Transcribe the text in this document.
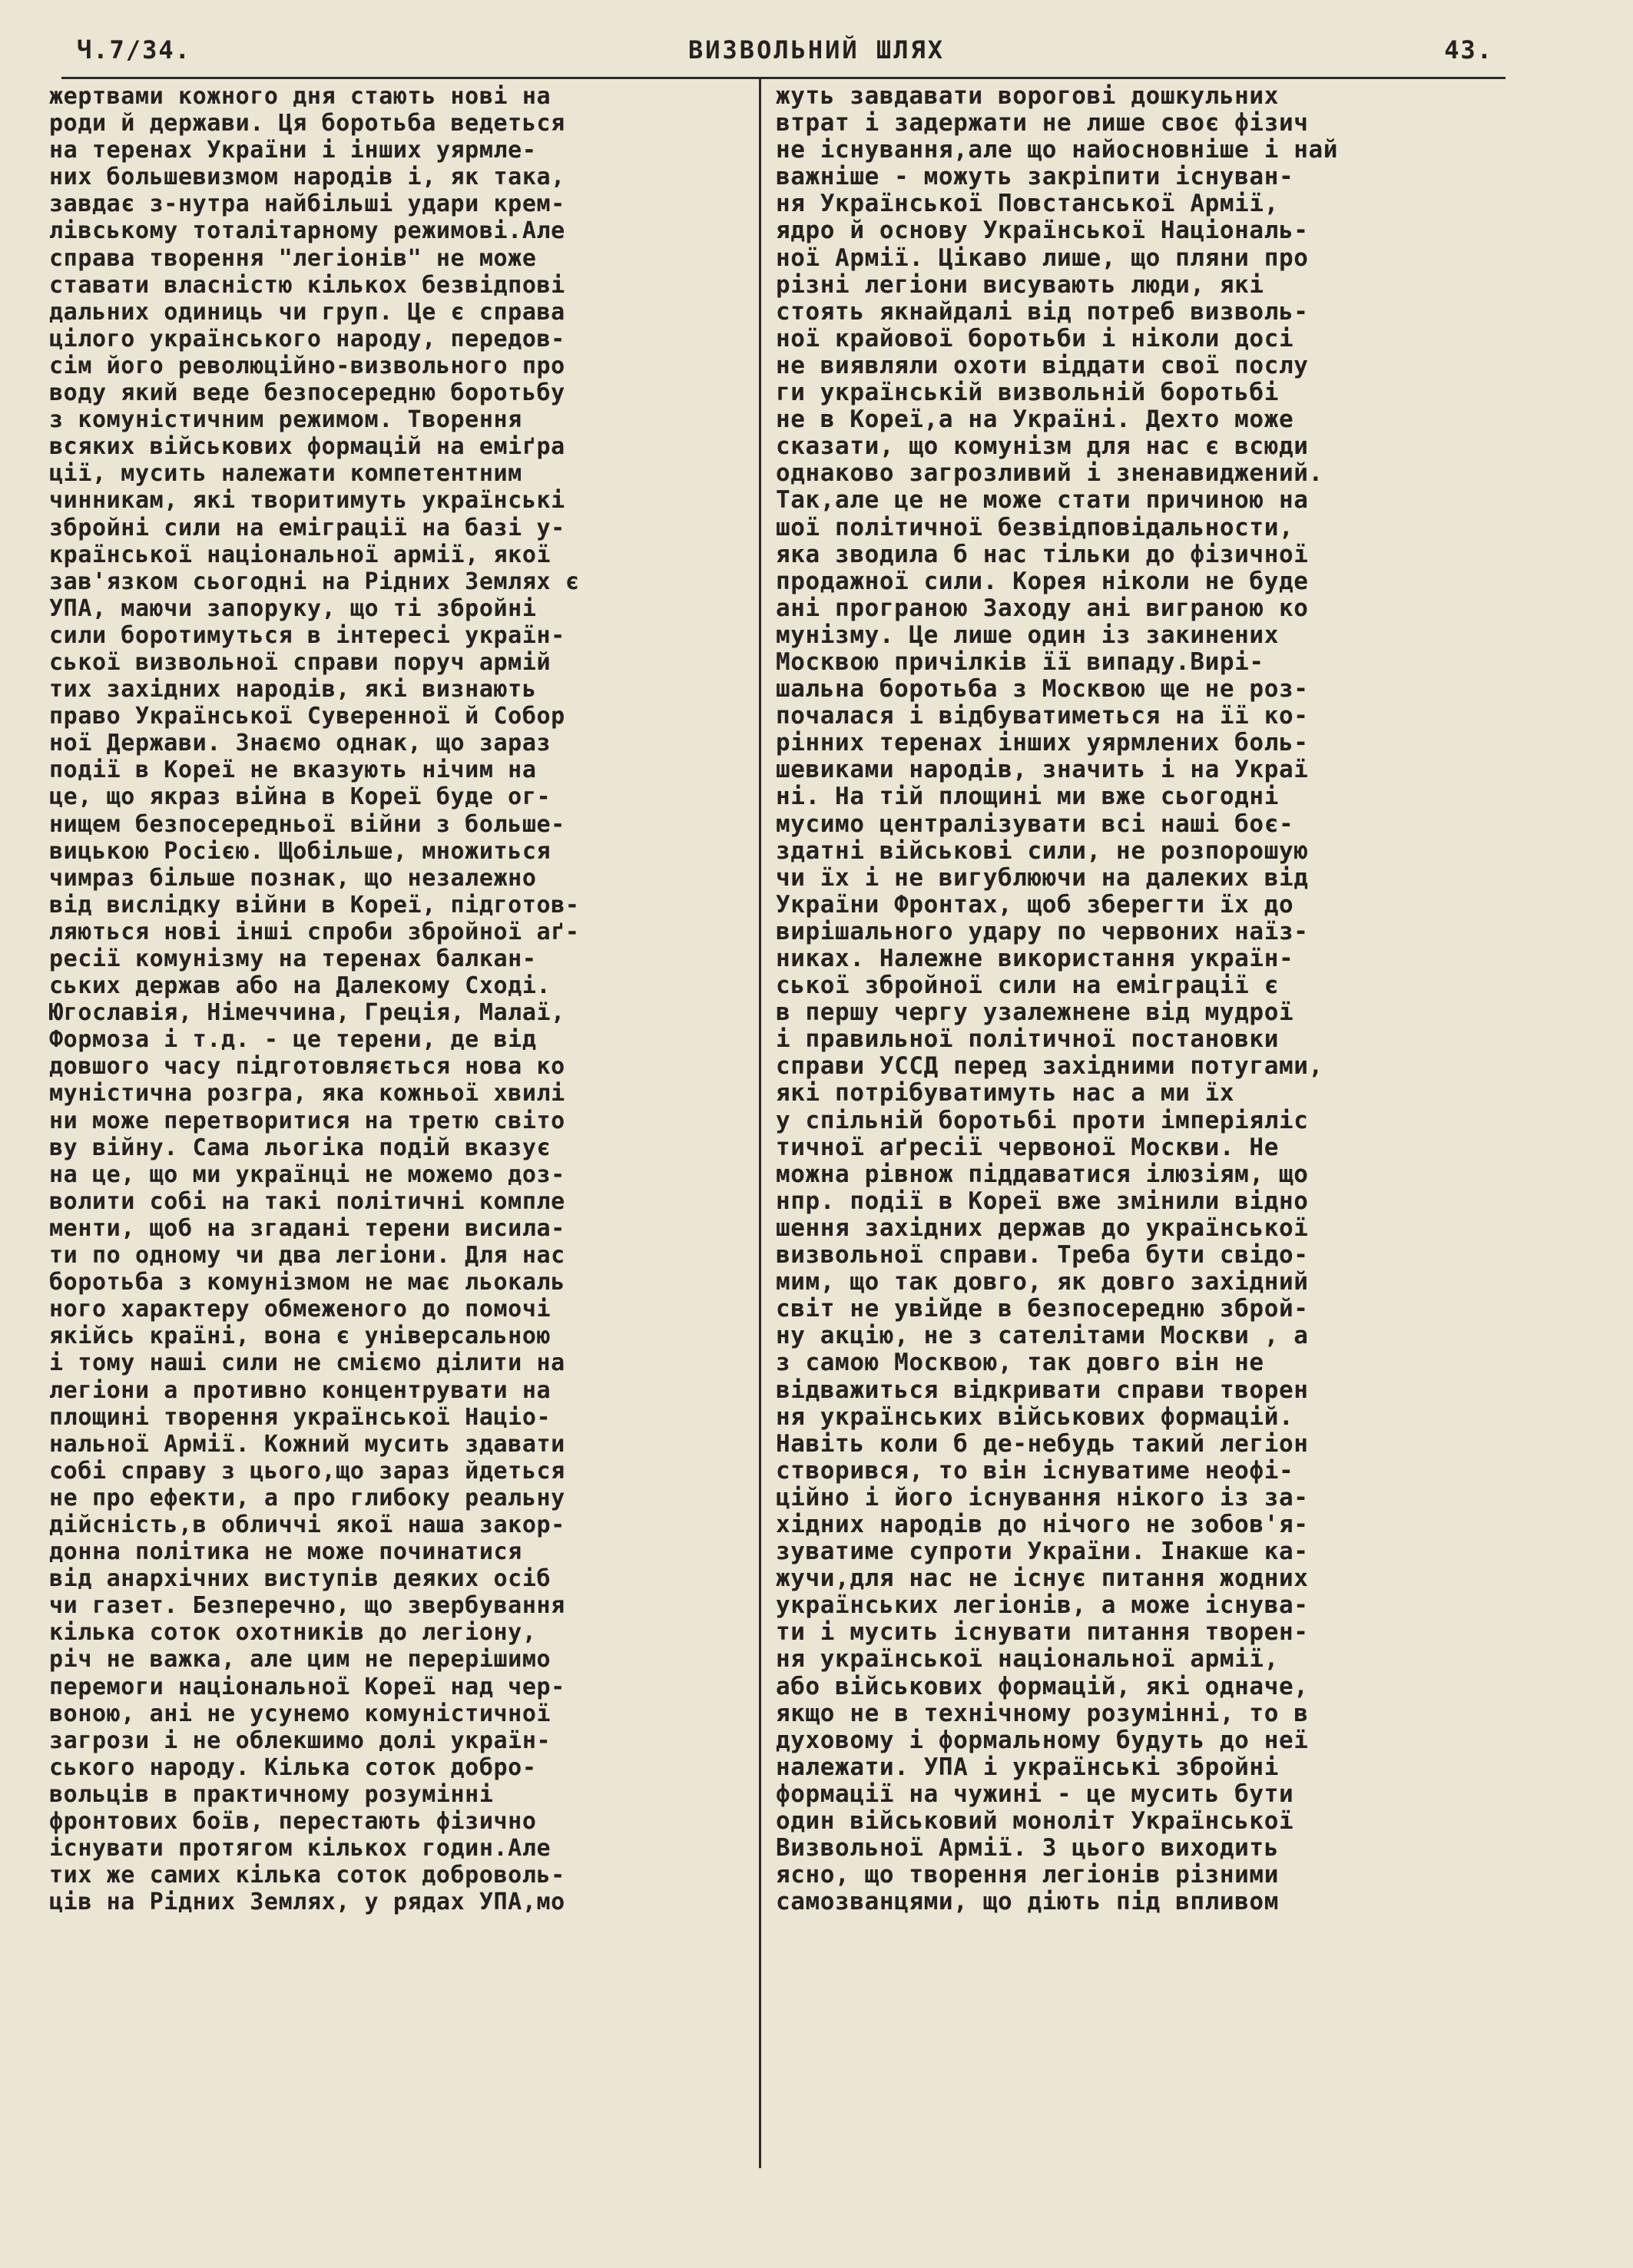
Ч.7/34.	ВИЗВОЛЬНИЙ ШЛЯХ	43.
жертвами кожного дня стають нові на
роди й держави. Ця боротьба ведеться
на теренах України і інших уярмле-
них большевизмом народів і, як така,
завдає з-нутра найбільші удари крем-
лівському тоталітарному режимові.Але
справа творення "легіонів" не може
ставати власністю кількох безвідпові
дальних одиниць чи груп. Це є справа
цілого українського народу, передов-
сім його революційно-визвольного про
воду який веде безпосередню боротьбу
з комуністичним режимом. Творення
всяких військових формацій на еміґра
ції, мусить належати компетентним
чинникам, які творитимуть українські
збройні сили на еміграції на базі у-
країнської національної армії, якої
зав'язком сьогодні на Рідних Землях є
УПА, маючи запоруку, що ті збройні
сили боротимуться в інтересі україн-
ської визвольної справи поруч армій
тих західних народів, які визнають
право Української Суверенної й Собор
ної Держави. Знаємо однак, що зараз
події в Кореї не вказують нічим на
це, що якраз війна в Кореї буде ог-
нищем безпосередньої війни з больше-
вицькою Росією. Щобільше, множиться
чимраз більше познак, що незалежно
від вислідку війни в Кореї, підготов-
ляються нові інші спроби збройної аґ-
ресії комунізму на теренах балкан-
ських держав або на Далекому Сході.
Югославія, Німеччина, Греція, Малаї,
Формоза і т.д. - це терени, де від
довшого часу підготовляється нова ко
муністична розгра, яка кожньої хвилі
ни може перетворитися на третю світо
ву війну. Сама льогіка подій вказує
на це, що ми українці не можемо доз-
волити собі на такі політичні компле
менти, щоб на згадані терени висила-
ти по одному чи два легіони. Для нас
боротьба з комунізмом не має льокаль
ного характеру обмеженого до помочі
якійсь країні, вона є універсальною
і тому наші сили не сміємо ділити на
легіони а противно концентрувати на
площині творення української Націо-
нальної Армії. Кожний мусить здавати
собі справу з цього,що зараз йдеться
не про ефекти, а про глибоку реальну
дійсність,в обличчі якої наша закор-
донна політика не може починатися
від анархічних виступів деяких осіб
чи газет. Безперечно, що звербування
кілька соток охотників до легіону,
річ не важка, але цим не перерішимо
перемоги національної Кореї над чер-
воною, ані не усунемо комуністичної
загрози і не облекшимо долі україн-
ського народу. Кілька соток добро-
вольців в практичному розумінні
фронтових боїв, перестають фізично
існувати протягом кількох годин.Але
тих же самих кілька соток доброволь-
ців на Рідних Землях, у рядах УПА,мо
жуть завдавати ворогові дошкульних
втрат і задержати не лише своє фізич
не існування,але що найосновніше і най
важніше - можуть закріпити існуван-
ня Української Повстанської Армії,
ядро й основу Української Національ-
ної Армії. Цікаво лише, що пляни про
різні легіони висувають люди, які
стоять якнайдалі від потреб визволь-
ної крайової боротьби і ніколи досі
не виявляли охоти віддати свої послу
ги українській визвольній боротьбі
не в Кореї,а на Україні. Дехто може
сказати, що комунізм для нас є всюди
однаково загрозливий і зненавиджений.
Так,але це не може стати причиною на
шої політичної безвідповідальности,
яка зводила б нас тільки до фізичної
продажної сили. Корея ніколи не буде
ані програною Заходу ані виграною ко
мунізму. Це лише один із закинених
Москвою причілків її випаду.Вирі-
шальна боротьба з Москвою ще не роз-
почалася і відбуватиметься на її ко-
рінних теренах інших уярмлених боль-
шевиками народів, значить і на Украї
ні. На тій площині ми вже сьогодні
мусимо централізувати всі наші боє-
здатні військові сили, не розпорошую
чи їх і не вигублюючи на далеких від
України Фронтах, щоб зберегти їх до
вирішального удару по червоних наїз-
никах. Належне використання україн-
ської збройної сили на еміграції є
в першу чергу узалежнене від мудрої
і правильної політичної постановки
справи УССД перед західними потугами,
які потрібуватимуть нас а ми їх
у спільній боротьбі проти імперіяліс
тичної аґресії червоної Москви. Не
можна рівнож піддаватися ілюзіям, що
нпр. події в Кореї вже змінили відно
шення західних держав до української
визвольної справи. Треба бути свідо-
мим, що так довго, як довго західний
світ не увійде в безпосередню зброй-
ну акцію, не з сателітами Москви , а
з самою Москвою, так довго він не
відважиться відкривати справи творен
ня українських військових формацій.
Навіть коли б де-небудь такий легіон
створився, то він існуватиме неофі-
ційно і його існування нікого із за-
хідних народів до нічого не зобов'я-
зуватиме супроти України. Інакше ка-
жучи,для нас не існує питання жодних
українських легіонів, а може існува-
ти і мусить існувати питання творен-
ня української національної армії,
або військових формацій, які одначе,
якщо не в технічному розумінні, то в
духовому і формальному будуть до неї
належати. УПА і українські збройні
формації на чужині - це мусить бути
один військовий моноліт Української
Визвольної Армії. З цього виходить
ясно, що творення легіонів різними
самозванцями, що діють під впливом
